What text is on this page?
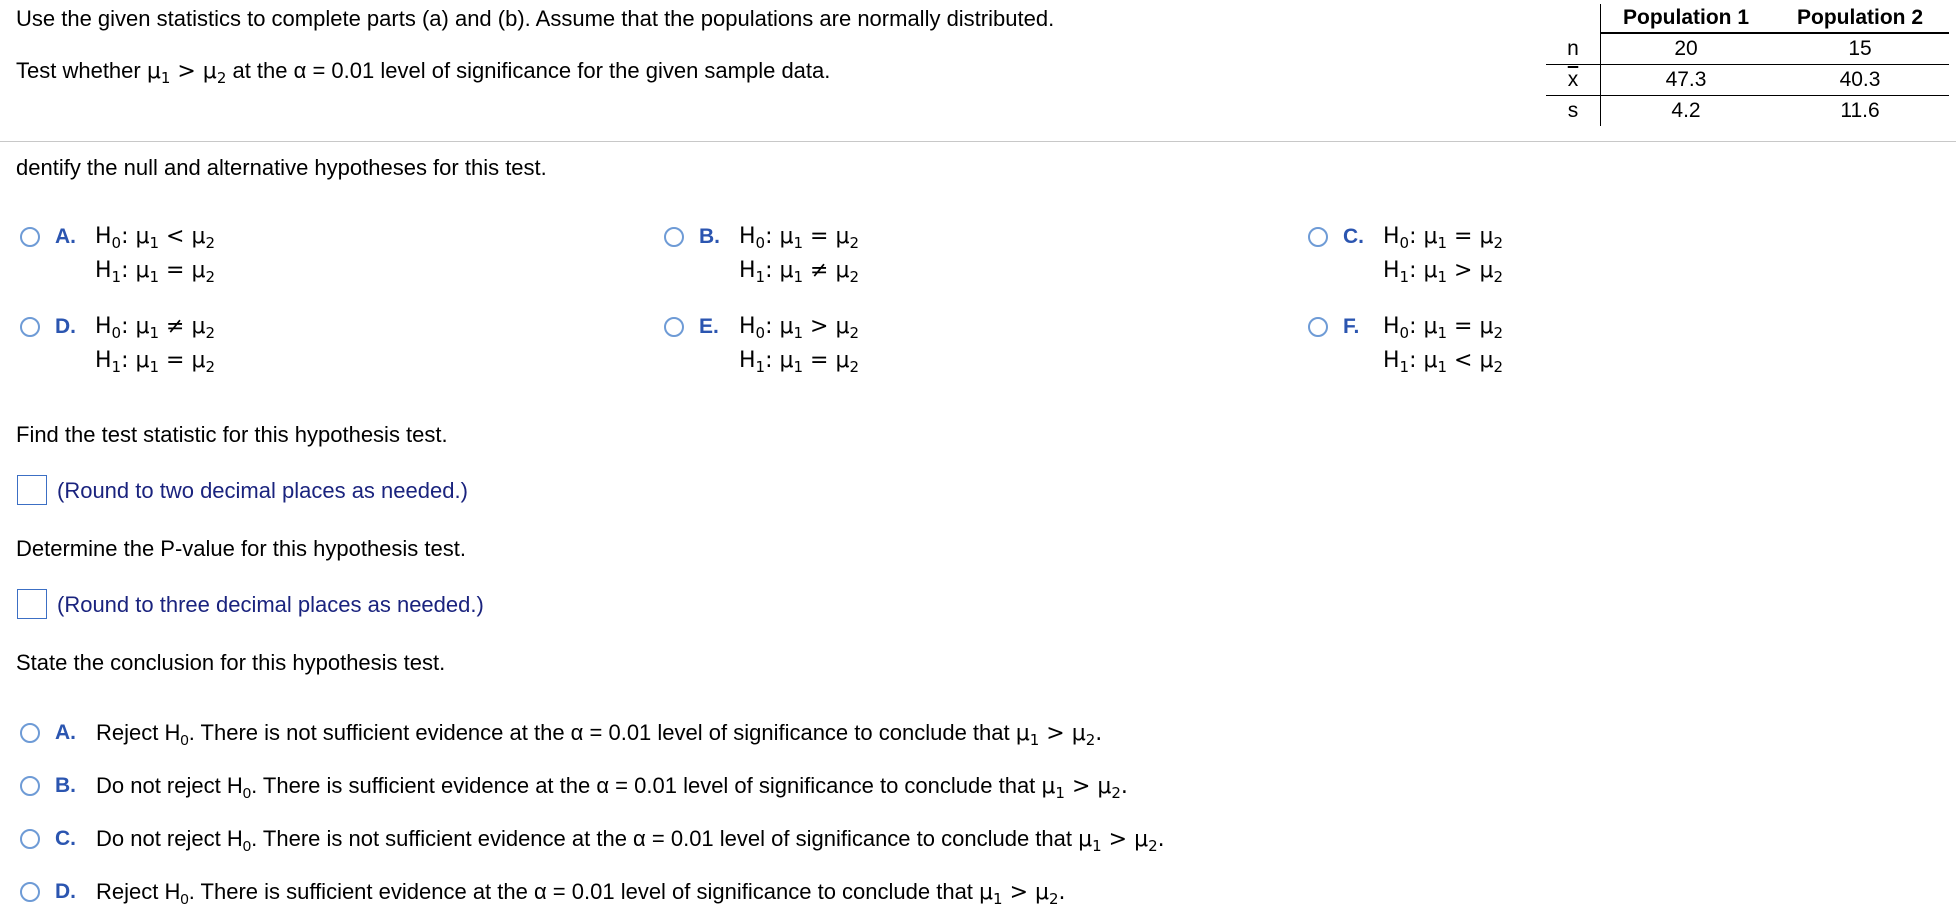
Use the given statistics to complete parts (a) and (b). Assume that the populations are normally distributed.
Test whether $\mu_1 > \mu_2$ at the α = 0.01 level of significance for the given sample data.
	Population 1	Population 2
n	20	15
$\overline{x}$	47.3	40.3
s	4.2	11.6
dentify the null and alternative hypotheses for this test.
A. $H_0$: $\mu_1 < \mu_2$
$H_1$: $\mu_1 = \mu_2$
B. $H_0$: $\mu_1 = \mu_2$
$H_1$: $\mu_1 \ne \mu_2$
C. $H_0$: $\mu_1 = \mu_2$
$H_1$: $\mu_1 > \mu_2$
D. $H_0$: $\mu_1 \ne \mu_2$
$H_1$: $\mu_1 = \mu_2$
E. $H_0$: $\mu_1 > \mu_2$
$H_1$: $\mu_1 = \mu_2$
F. $H_0$: $\mu_1 = \mu_2$
$H_1$: $\mu_1 < \mu_2$
Find the test statistic for this hypothesis test.
(Round to two decimal places as needed.)
Determine the P-value for this hypothesis test.
(Round to three decimal places as needed.)
State the conclusion for this hypothesis test.
A. Reject $H_0$. There is not sufficient evidence at the α = 0.01 level of significance to conclude that $\mu_1 > \mu_2$.
B. Do not reject $H_0$. There is sufficient evidence at the α = 0.01 level of significance to conclude that $\mu_1 > \mu_2$.
C. Do not reject $H_0$. There is not sufficient evidence at the α = 0.01 level of significance to conclude that $\mu_1 > \mu_2$.
D. Reject $H_0$. There is sufficient evidence at the α = 0.01 level of significance to conclude that $\mu_1 > \mu_2$.
